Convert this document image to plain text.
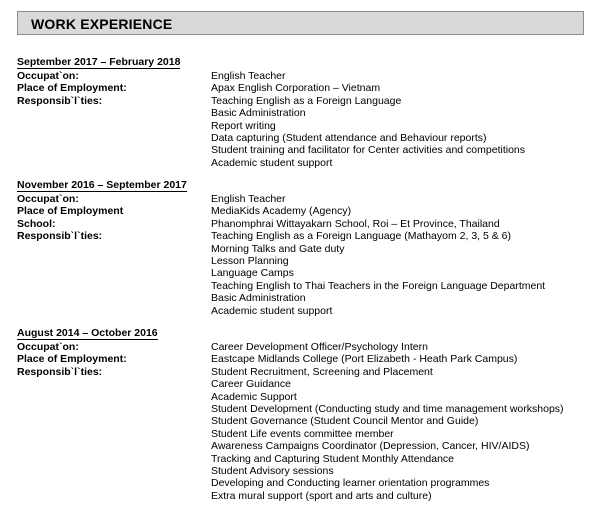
WORK EXPERIENCE
September 2017 – February 2018
Occupat`on:	English Teacher
Place of Employment:	Apax English Corporation – Vietnam
Responsib`l`ties:	Teaching English as a Foreign Language
Basic Administration
Report writing
Data capturing (Student attendance and Behaviour reports)
Student training and facilitator for Center activities and competitions
Academic student support
November 2016 – September 2017
Occupat`on:	English Teacher
Place of Employment	MediaKids Academy (Agency)
School:	Phanomphrai Wittayakarn School, Roi – Et Province, Thailand
Responsib`l`ties:	Teaching English as a Foreign Language (Mathayom 2, 3, 5 & 6)
Morning Talks and Gate duty
Lesson Planning
Language Camps
Teaching English to Thai Teachers in the Foreign Language Department
Basic Administration
Academic student support
August 2014 – October 2016
Occupat`on:	Career Development Officer/Psychology Intern
Place of Employment:	Eastcape Midlands College (Port Elizabeth - Heath Park Campus)
Responsib`l`ties:	Student Recruitment, Screening and Placement
Career Guidance
Academic Support
Student Development (Conducting study and time management workshops)
Student Governance (Student Council Mentor and Guide)
Student Life events committee member
Awareness Campaigns Coordinator (Depression, Cancer, HIV/AIDS)
Tracking and Capturing Student Monthly Attendance
Student Advisory sessions
Developing and Conducting learner orientation programmes
Extra mural support (sport and arts and culture)
